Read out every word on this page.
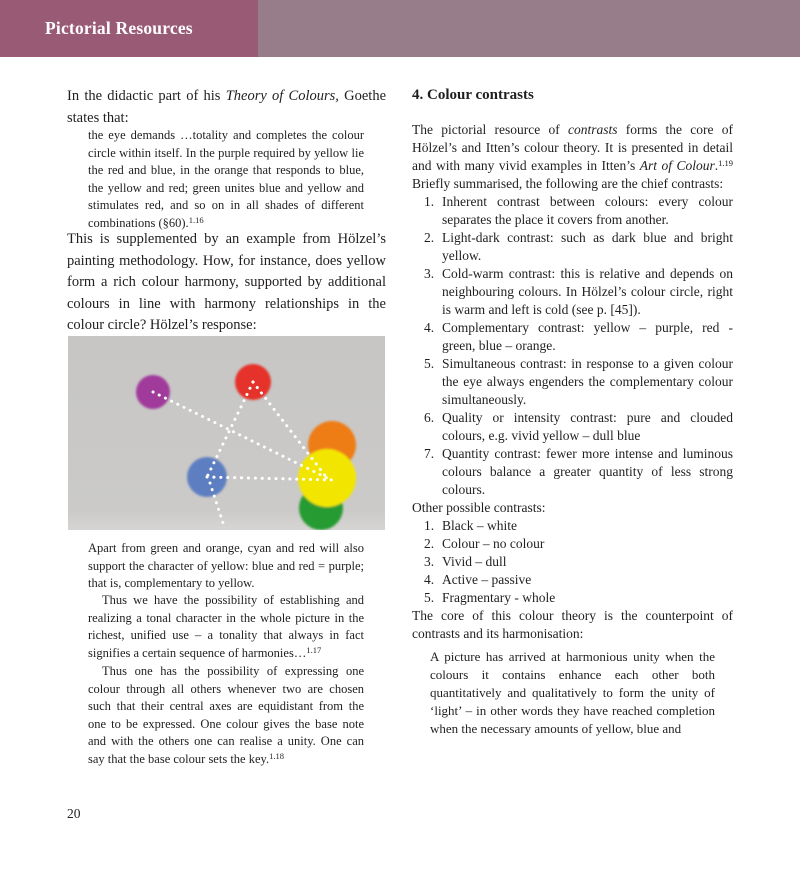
Pictorial Resources

In the didactic part of his Theory of Colours, Goethe states that:

the eye demands …totality and completes the colour circle within itself. In the purple required by yellow lie the red and blue, in the orange that responds to blue, the yellow and red; green unites blue and yellow and stimulates red, and so on in all shades of different combinations (§60).$^{1.16}$

This is supplemented by an example from Hölzel’s painting methodology. How, for instance, does yellow form a rich colour harmony, supported by additional colours in line with harmony relationships in the colour circle? Hölzel’s response:

Apart from green and orange, cyan and red will also support the character of yellow: blue and red = purple; that is, complementary to yellow.

Thus we have the possibility of establishing and realizing a tonal character in the whole picture in the richest, unified use – a tonality that always in fact signifies a certain sequence of harmonies…$^{1.17}$

Thus one has the possibility of expressing one colour through all others whenever two are chosen such that their central axes are equidistant from the one to be expressed. One colour gives the base note and with the others one can realise a unity. One can say that the base colour sets the key.$^{1.18}$

4. Colour contrasts

The pictorial resource of contrasts forms the core of Hölzel’s and Itten’s colour theory. It is presented in detail and with many vivid examples in Itten’s Art of Colour.$^{1.19}$ Briefly summarised, the following are the chief contrasts:

1. Inherent contrast between colours: every colour separates the place it covers from another.
2. Light-dark contrast: such as dark blue and bright yellow.
3. Cold-warm contrast: this is relative and depends on neighbouring colours. In Hölzel’s colour circle, right is warm and left is cold (see p. [45]).
4. Complementary contrast: yellow – purple, red - green, blue – orange.
5. Simultaneous contrast: in response to a given colour the eye always engenders the complementary colour simultaneously.
6. Quality or intensity contrast: pure and clouded colours, e.g. vivid yellow – dull blue
7. Quantity contrast: fewer more intense and luminous colours balance a greater quantity of less strong colours.

Other possible contrasts:

1. Black – white
2. Colour – no colour
3. Vivid – dull
4. Active – passive
5. Fragmentary - whole

The core of this colour theory is the counterpoint of contrasts and its harmonisation:

A picture has arrived at harmonious unity when the colours it contains enhance each other both quantitatively and qualitatively to form the unity of ‘light’ – in other words they have reached completion when the necessary amounts of yellow, blue and

20
